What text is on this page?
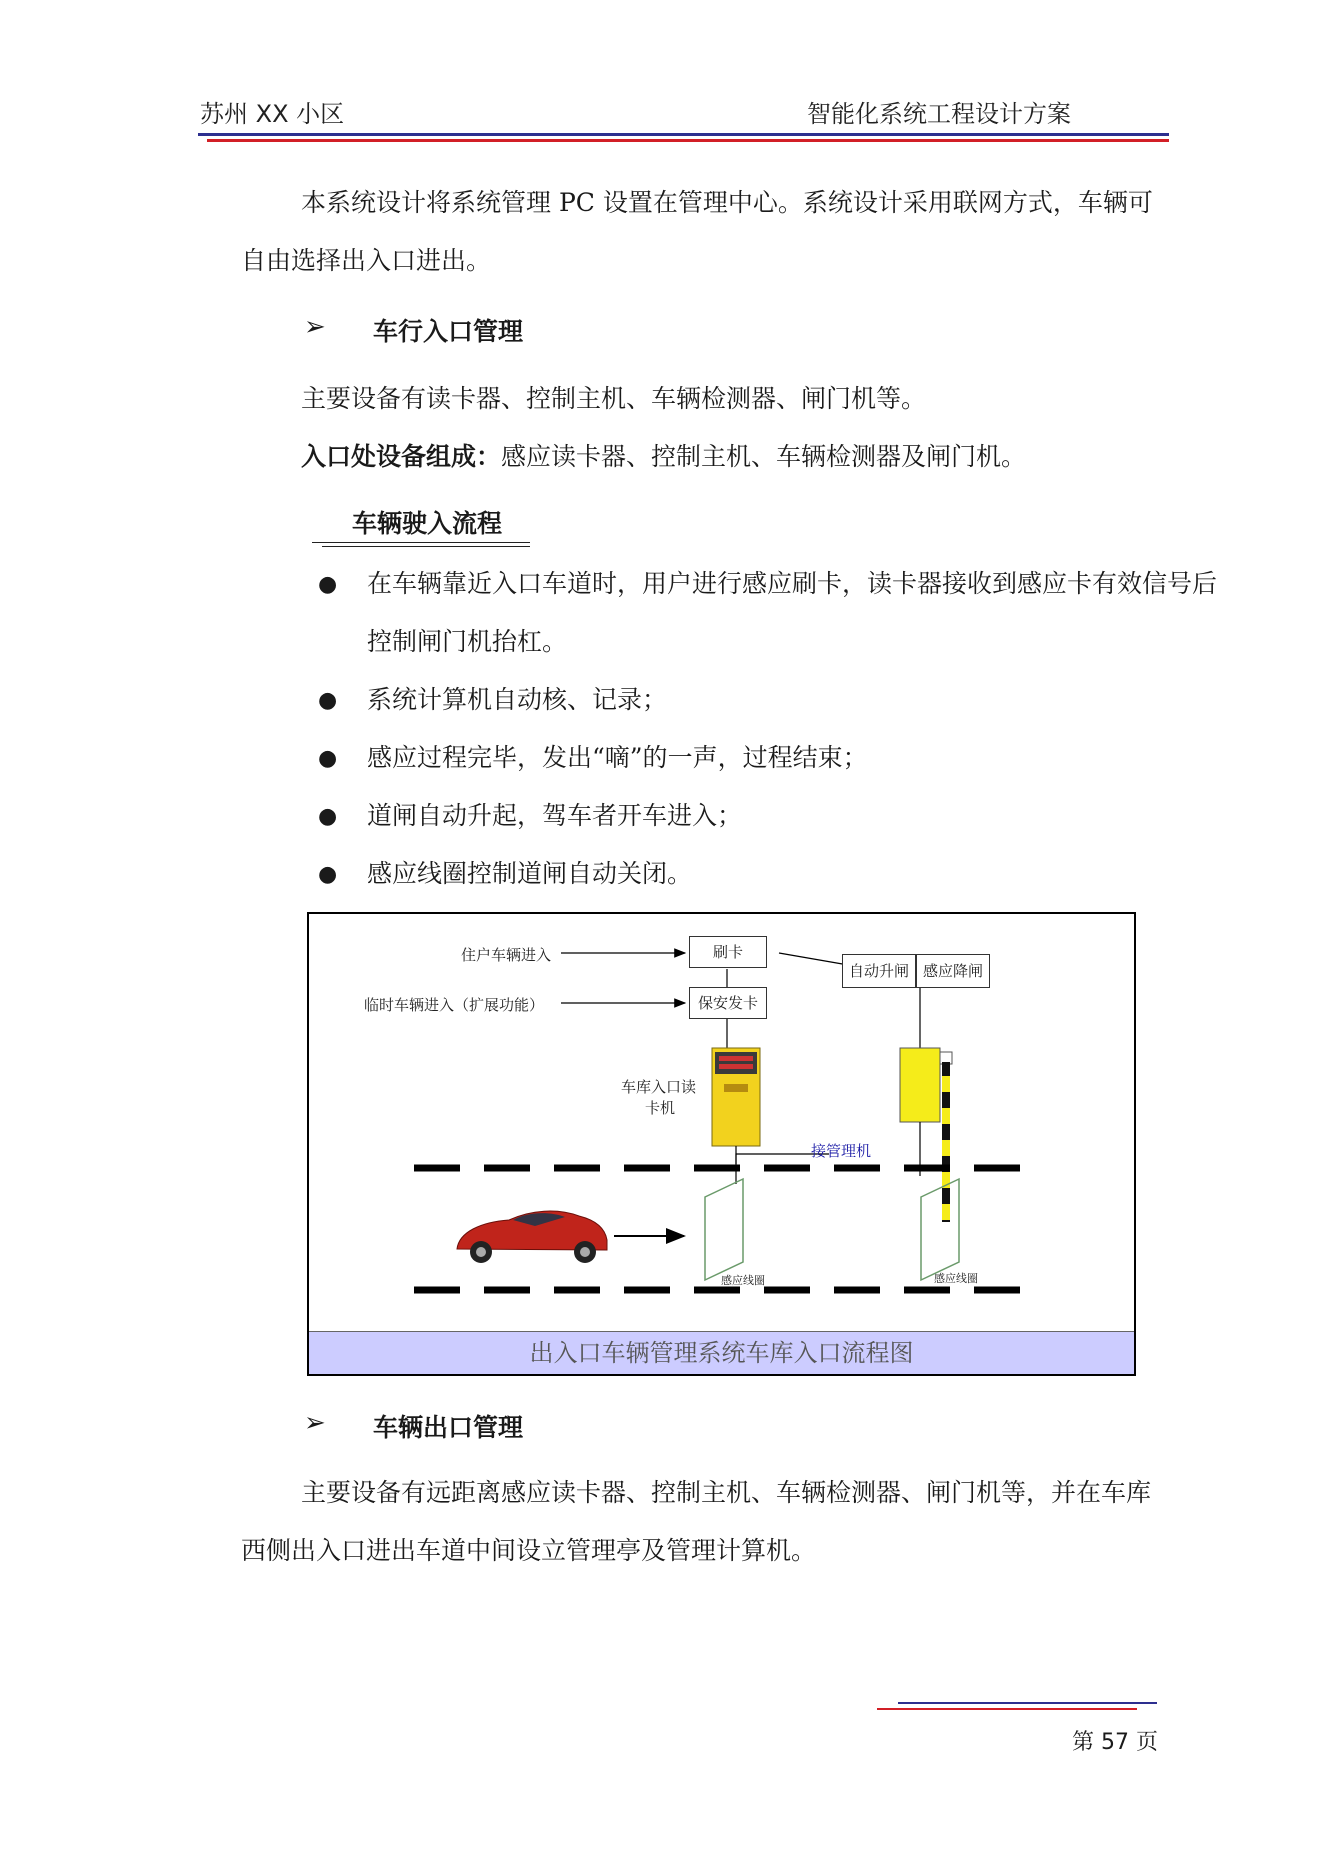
苏州 XX 小区	智能化系统工程设计方案
本系统设计将系统管理 PC 设置在管理中心。系统设计采用联网方式，车辆可自由选择出入口进出。
➢ 车行入口管理
主要设备有读卡器、控制主机、车辆检测器、闸门机等。
入口处设备组成：感应读卡器、控制主机、车辆检测器及闸门机。
车辆驶入流程
● 在车辆靠近入口车道时，用户进行感应刷卡，读卡器接收到感应卡有效信号后控制闸门机抬杠。
● 系统计算机自动核、记录；
● 感应过程完毕，发出“嘀”的一声，过程结束；
● 道闸自动升起，驾车者开车进入；
● 感应线圈控制道闸自动关闭。
住户车辆进入
临时车辆进入（扩展功能）
刷卡
保安发卡
自动升闸 感应降闸
车库入口读
卡机
接管理机
感应线圈	感应线圈
出入口车辆管理系统车库入口流程图
➢ 车辆出口管理
主要设备有远距离感应读卡器、控制主机、车辆检测器、闸门机等，并在车库西侧出入口进出车道中间设立管理亭及管理计算机。
第 57 页
